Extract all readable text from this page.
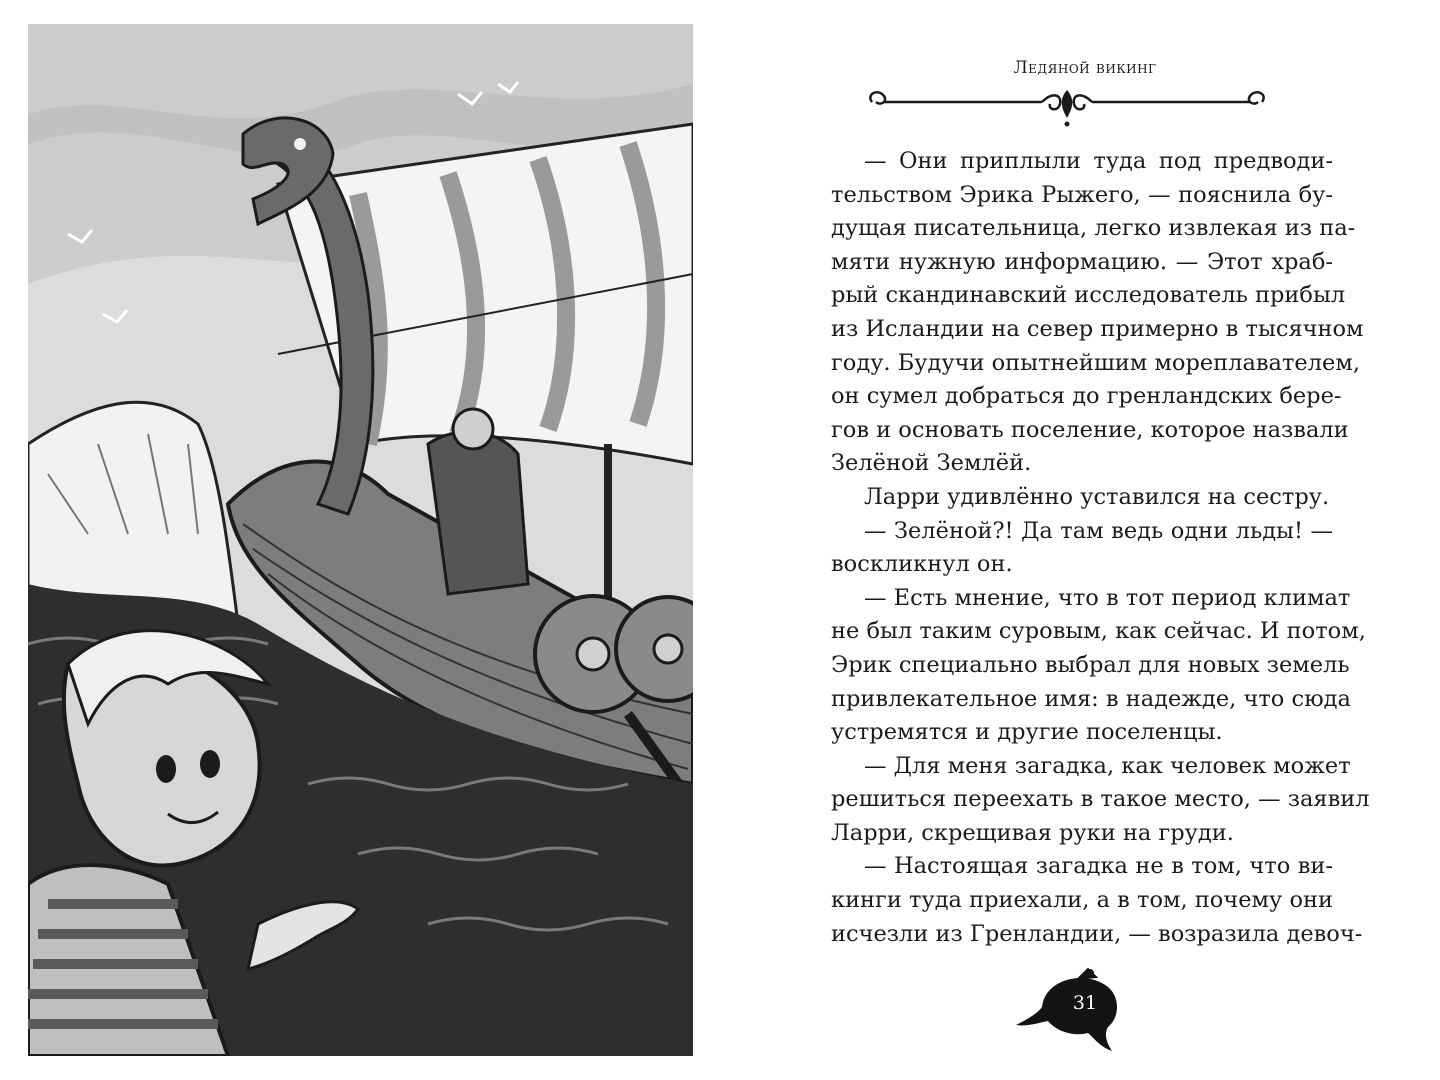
Ледяной викинг
— Они приплыли туда под предводи-
тельством Эрика Рыжего, — пояснила бу-
дущая писательница, легко извлекая из па-
мяти нужную информацию. — Этот храб-
рый скандинавский исследователь прибыл
из Исландии на север примерно в тысячном
году. Будучи опытнейшим мореплавателем,
он сумел добраться до гренландских бере-
гов и основать поселение, которое назвали
Зелёной Землёй.
Ларри удивлённо уставился на сестру.
— Зелёной?! Да там ведь одни льды! —
воскликнул он.
— Есть мнение, что в тот период климат
не был таким суровым, как сейчас. И потом,
Эрик специально выбрал для новых земель
привлекательное имя: в надежде, что сюда
устремятся и другие поселенцы.
— Для меня загадка, как человек может
решиться переехать в такое место, — заявил
Ларри, скрещивая руки на груди.
— Настоящая загадка не в том, что ви-
кинги туда приехали, а в том, почему они
исчезли из Гренландии, — возразила девоч-
31
